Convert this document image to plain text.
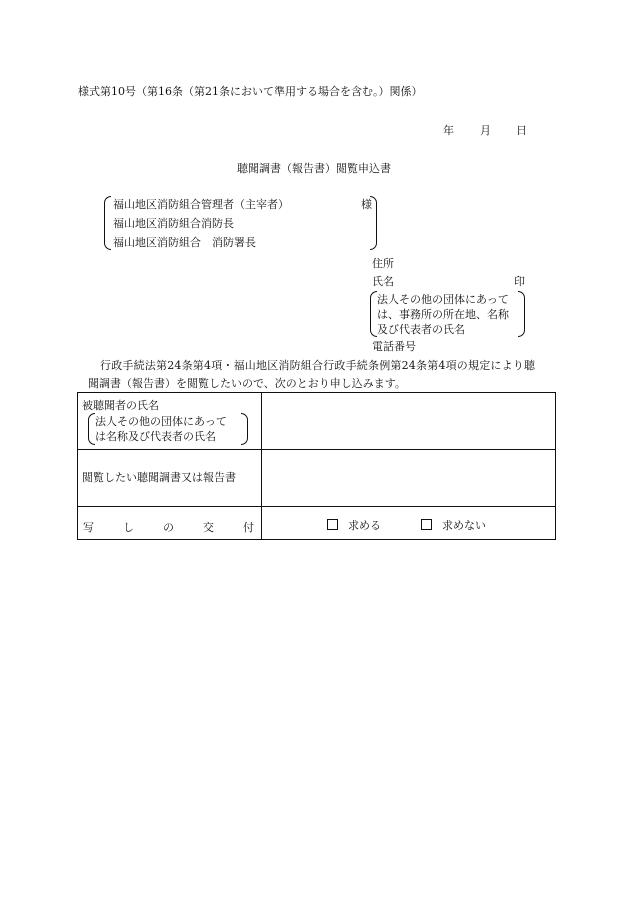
様式第10号（第16条（第21条において準用する場合を含む。）関係）
年 月 日
聴聞調書（報告書）閲覧申込書
福山地区消防組合管理者（主宰者）
福山地区消防組合消防長
福山地区消防組合　消防署長
様
住所
氏名	印
法人その他の団体にあって
は、事務所の所在地、名称
及び代表者の氏名
電話番号
行政手続法第24条第4項・福山地区消防組合行政手続条例第24条第4項の規定により聴
聞調書（報告書）を閲覧したいので、次のとおり申し込みます。
被聴聞者の氏名
法人その他の団体にあって
は名称及び代表者の氏名
閲覧したい聴聞調書又は報告書
写	し	の	交	付	求める	求めない
